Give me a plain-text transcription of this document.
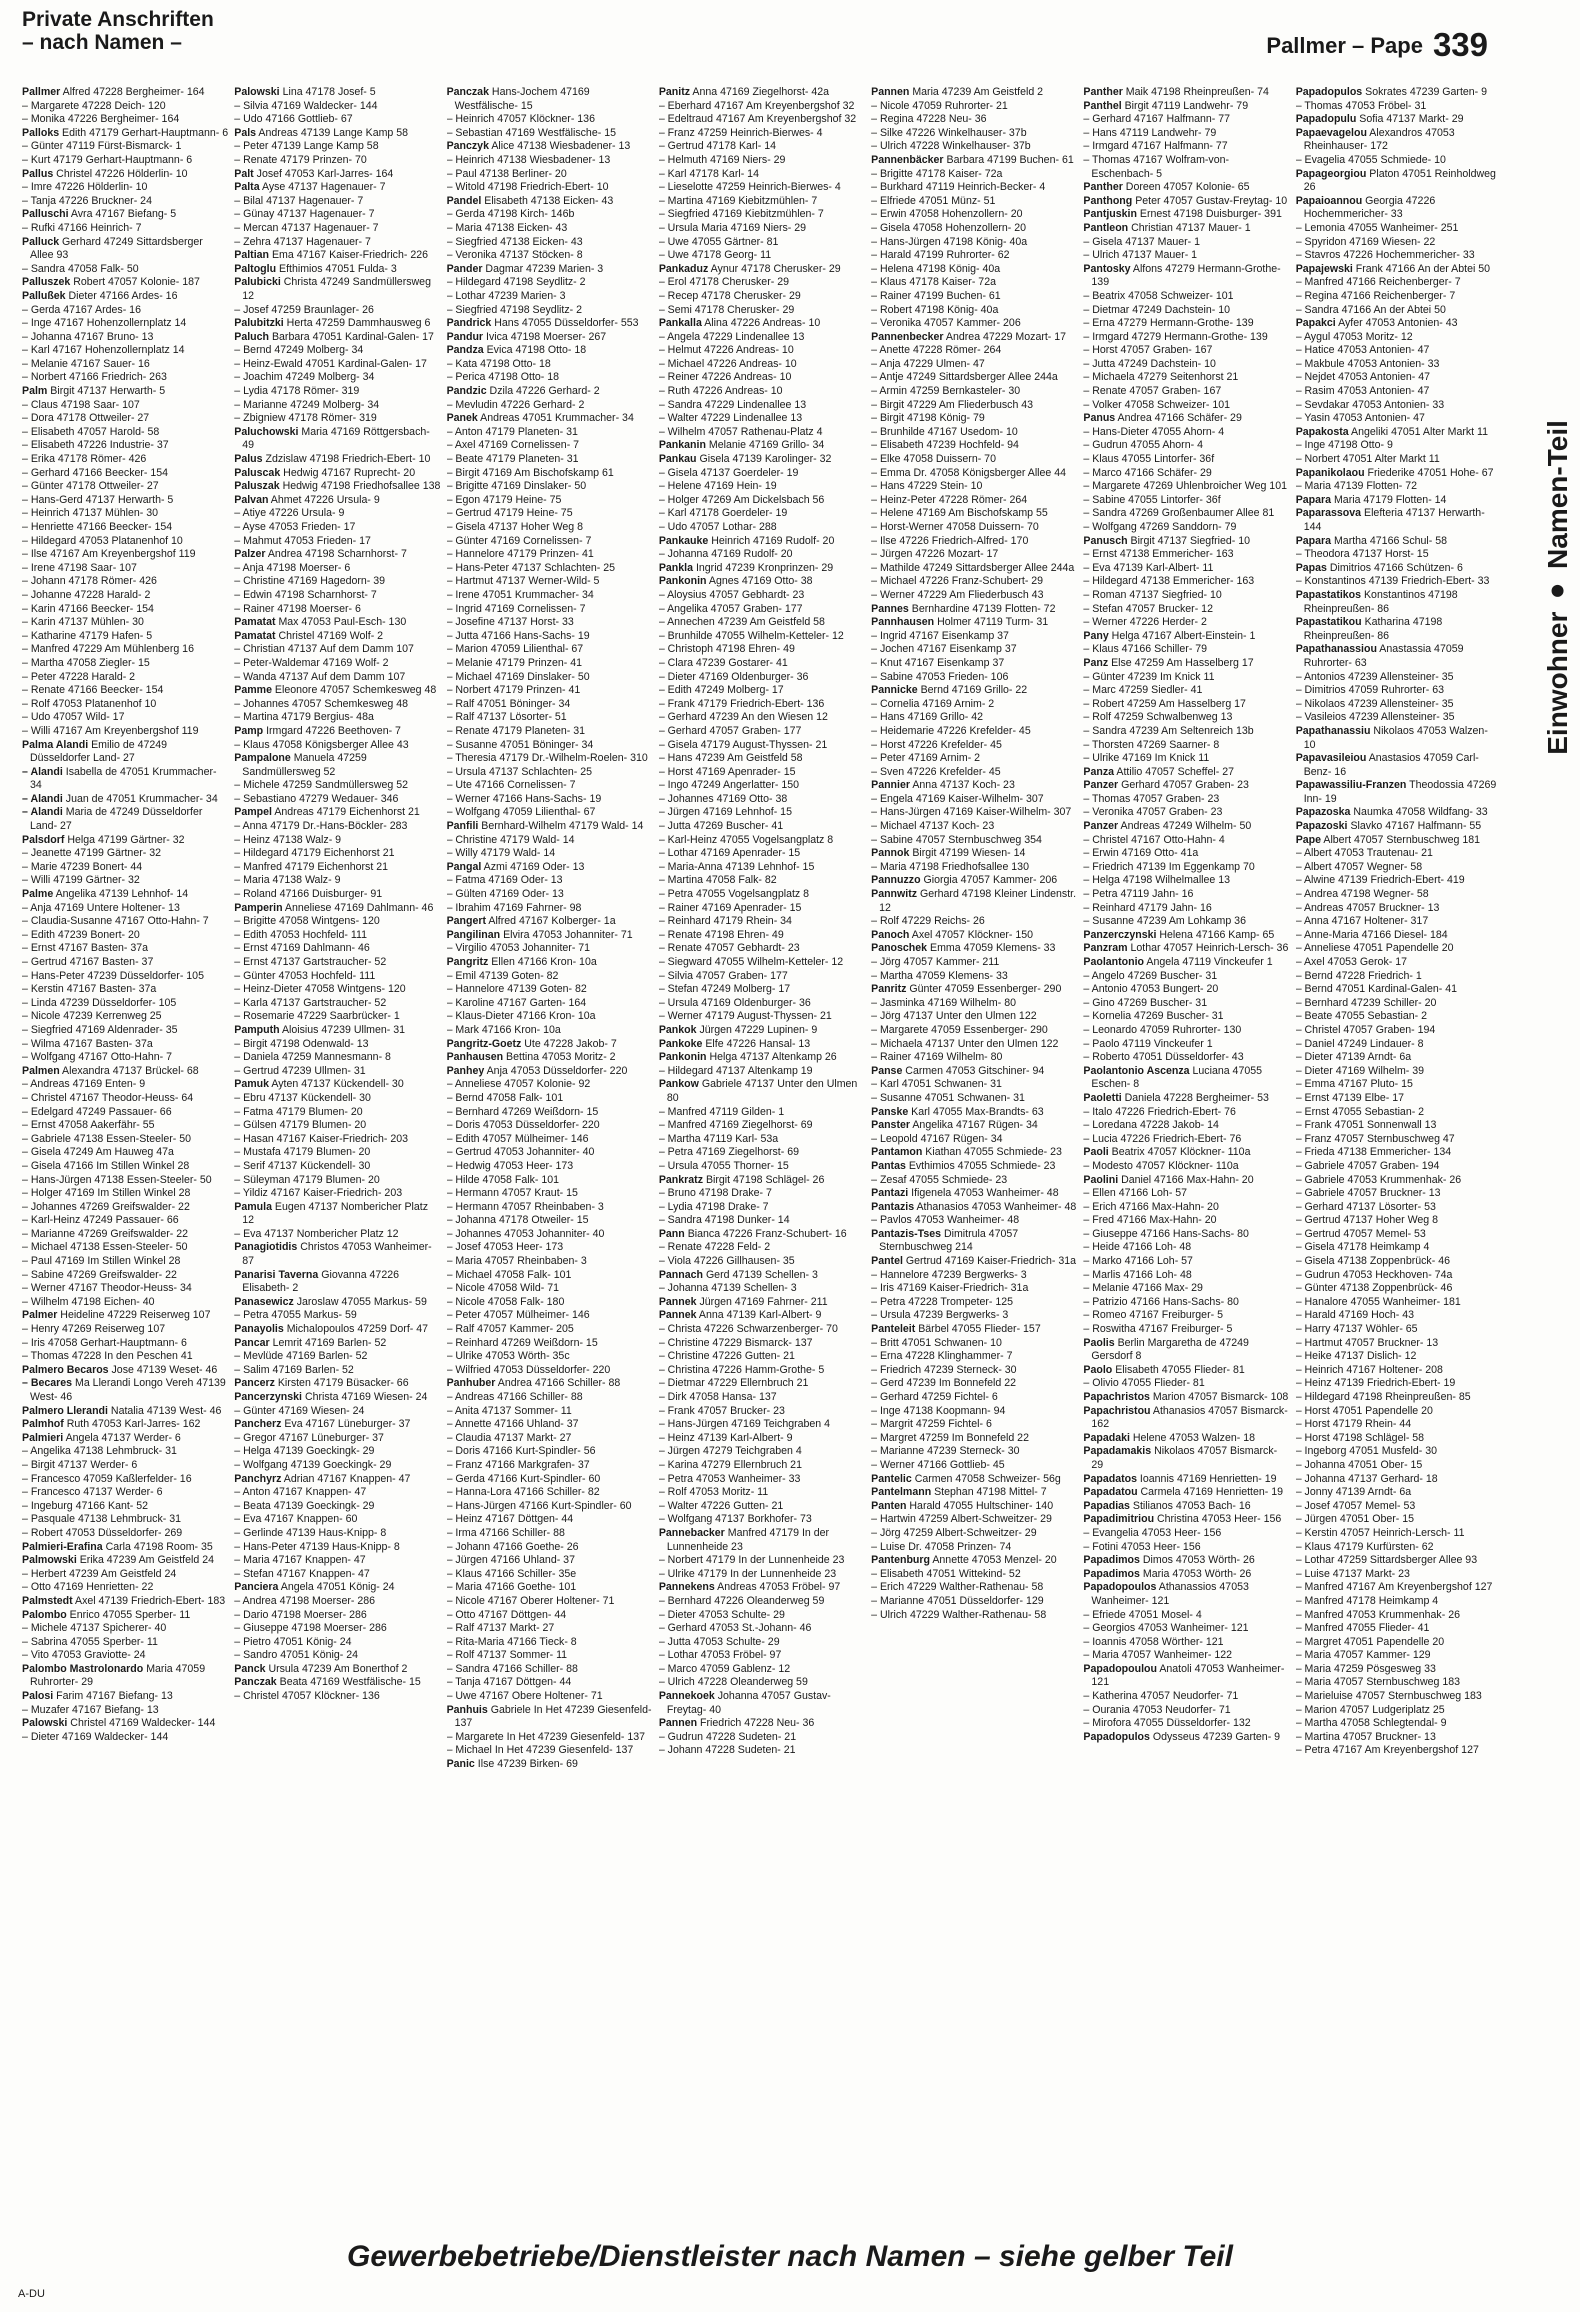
Private Anschriften
– nach Namen –	Pallmer – Pape 339
Einwohner
● Namen-Teil

Pallmer Alfred 47228 Bergheimer- 164

– Margarete 47228 Deich- 120

– Monika 47226 Bergheimer- 164

Palloks Edith 47179 Gerhart-Hauptmann- 6

– Günter 47119 Fürst-Bismarck- 1

– Kurt 47179 Gerhart-Hauptmann- 6

Pallus Christel 47226 Hölderlin- 10

– Imre 47226 Hölderlin- 10

– Tanja 47226 Bruckner- 24

Palluschi Avra 47167 Biefang- 5

– Rufki 47166 Heinrich- 7

Palluck Gerhard 47249 Sittardsberger Allee 93

– Sandra 47058 Falk- 50

Palluszek Robert 47057 Kolonie- 187

Pallußek Dieter 47166 Ardes- 16

– Gerda 47167 Ardes- 16

– Inge 47167 Hohenzollernplatz 14

– Johanna 47167 Bruno- 13

– Karl 47167 Hohenzollernplatz 14

– Melanie 47167 Sauer- 16

– Norbert 47166 Friedrich- 263

Palm Birgit 47137 Herwarth- 5

– Claus 47198 Saar- 107

– Dora 47178 Ottweiler- 27

– Elisabeth 47057 Harold- 58

– Elisabeth 47226 Industrie- 37

– Erika 47178 Römer- 426

– Gerhard 47166 Beecker- 154

– Günter 47178 Ottweiler- 27

– Hans-Gerd 47137 Herwarth- 5

– Heinrich 47137 Mühlen- 30

– Henriette 47166 Beecker- 154

– Hildegard 47053 Platanenhof 10

– Ilse 47167 Am Kreyenbergshof 119

– Irene 47198 Saar- 107

– Johann 47178 Römer- 426

– Johanne 47228 Harald- 2

– Karin 47166 Beecker- 154

– Karin 47137 Mühlen- 30

– Katharine 47179 Hafen- 5

– Manfred 47229 Am Mühlenberg 16

– Martha 47058 Ziegler- 15

– Peter 47228 Harald- 2

– Renate 47166 Beecker- 154

– Rolf 47053 Platanenhof 10

– Udo 47057 Wild- 17

– Willi 47167 Am Kreyenbergshof 119

Palma Alandi Emilio de 47249 Düsseldorfer Land- 27

– Alandi Isabella de 47051 Krummacher- 34

– Alandi Juan de 47051 Krummacher- 34

– Alandi Maria de 47249 Düsseldorfer Land- 27

Palsdorf Helga 47199 Gärtner- 32

– Jeanette 47199 Gärtner- 32

– Marie 47239 Bonert- 44

– Willi 47199 Gärtner- 32

Palme Angelika 47139 Lehnhof- 14

– Anja 47169 Untere Holtener- 13

– Claudia-Susanne 47167 Otto-Hahn- 7

– Edith 47239 Bonert- 20

– Ernst 47167 Basten- 37a

– Gertrud 47167 Basten- 37

– Hans-Peter 47239 Düsseldorfer- 105

– Kerstin 47167 Basten- 37a

– Linda 47239 Düsseldorfer- 105

– Nicole 47239 Kerrenweg 25

– Siegfried 47169 Aldenrader- 35

– Wilma 47167 Basten- 37a

– Wolfgang 47167 Otto-Hahn- 7

Palmen Alexandra 47137 Brückel- 68

– Andreas 47169 Enten- 9

– Christel 47167 Theodor-Heuss- 64

– Edelgard 47249 Passauer- 66

– Ernst 47058 Aakerfähr- 55

– Gabriele 47138 Essen-Steeler- 50

– Gisela 47249 Am Hauweg 47a

– Gisela 47166 Im Stillen Winkel 28

– Hans-Jürgen 47138 Essen-Steeler- 50

– Holger 47169 Im Stillen Winkel 28

– Johannes 47269 Greifswalder- 22

– Karl-Heinz 47249 Passauer- 66

– Marianne 47269 Greifswalder- 22

– Michael 47138 Essen-Steeler- 50

– Paul 47169 Im Stillen Winkel 28

– Sabine 47269 Greifswalder- 22

– Werner 47167 Theodor-Heuss- 34

– Wilhelm 47198 Eichen- 40

Palmer Heideline 47229 Reiserweg 107

– Henry 47269 Reiserweg 107

– Iris 47058 Gerhart-Hauptmann- 6

– Thomas 47228 In den Peschen 41

Palmero Becaros Jose 47139 Weset- 46

– Becares Ma Llerandi Longo Vereh 47139 West- 46

Palmero Llerandi Natalia 47139 West- 46

Palmhof Ruth 47053 Karl-Jarres- 162

Palmieri Angela 47137 Werder- 6

– Angelika 47138 Lehmbruck- 31

– Birgit 47137 Werder- 6

– Francesco 47059 Kaßlerfelder- 16

– Francesco 47137 Werder- 6

– Ingeburg 47166 Kant- 52

– Pasquale 47138 Lehmbruck- 31

– Robert 47053 Düsseldorfer- 269

Palmieri-Erafina Carla 47198 Room- 35

Palmowski Erika 47239 Am Geistfeld 24

– Herbert 47239 Am Geistfeld 24

– Otto 47169 Henrietten- 22

Palmstedt Axel 47139 Friedrich-Ebert- 183

Palombo Enrico 47055 Sperber- 11

– Michele 47137 Spicherer- 40

– Sabrina 47055 Sperber- 11

– Vito 47053 Graviotte- 24

Palombo Mastrolonardo Maria 47059 Ruhrorter- 29

Palosi Farim 47167 Biefang- 13

– Muzafer 47167 Biefang- 13

Palowski Christel 47169 Waldecker- 144

– Dieter 47169 Waldecker- 144

Palowski Lina 47178 Josef- 5

– Silvia 47169 Waldecker- 144

– Udo 47166 Gottlieb- 67

Pals Andreas 47139 Lange Kamp 58

– Peter 47139 Lange Kamp 58

– Renate 47179 Prinzen- 70

Palt Josef 47053 Karl-Jarres- 164

Palta Ayse 47137 Hagenauer- 7

– Bilal 47137 Hagenauer- 7

– Günay 47137 Hagenauer- 7

– Mercan 47137 Hagenauer- 7

– Zehra 47137 Hagenauer- 7

Paltian Ema 47167 Kaiser-Friedrich- 226

Paltoglu Efthimios 47051 Fulda- 3

Palubicki Christa 47249 Sandmüllersweg 12

– Josef 47259 Braunlager- 26

Palubitzki Herta 47259 Dammhausweg 6

Paluch Barbara 47051 Kardinal-Galen- 17

– Bernd 47249 Molberg- 34

– Heinz-Ewald 47051 Kardinal-Galen- 17

– Joachim 47249 Molberg- 34

– Lydia 47178 Römer- 319

– Marianne 47249 Molberg- 34

– Zbigniew 47178 Römer- 319

Paluchowski Maria 47169 Röttgersbach- 49

Palus Zdzislaw 47198 Friedrich-Ebert- 10

Paluscak Hedwig 47167 Ruprecht- 20

Paluszak Hedwig 47198 Friedhofsallee 138

Palvan Ahmet 47226 Ursula- 9

– Atiye 47226 Ursula- 9

– Ayse 47053 Frieden- 17

– Mahmut 47053 Frieden- 17

Palzer Andrea 47198 Scharnhorst- 7

– Anja 47198 Moerser- 6

– Christine 47169 Hagedorn- 39

– Edwin 47198 Scharnhorst- 7

– Rainer 47198 Moerser- 6

Pamatat Max 47053 Paul-Esch- 130

Pamatat Christel 47169 Wolf- 2

– Christian 47137 Auf dem Damm 107

– Peter-Waldemar 47169 Wolf- 2

– Wanda 47137 Auf dem Damm 107

Pamme Eleonore 47057 Schemkesweg 48

– Johannes 47057 Schemkesweg 48

– Martina 47179 Bergius- 48a

Pamp Irmgard 47226 Beethoven- 7

– Klaus 47058 Königsberger Allee 43

Pampalone Manuela 47259 Sandmüllersweg 52

– Michele 47259 Sandmüllersweg 52

– Sebastiano 47279 Wedauer- 346

Pampel Andreas 47179 Eichenhorst 21

– Anna 47179 Dr.-Hans-Böckler- 283

– Heinz 47138 Walz- 9

– Hildegard 47179 Eichenhorst 21

– Manfred 47179 Eichenhorst 21

– Maria 47138 Walz- 9

– Roland 47166 Duisburger- 91

Pamperin Anneliese 47169 Dahlmann- 46

– Brigitte 47058 Wintgens- 120

– Edith 47053 Hochfeld- 111

– Ernst 47169 Dahlmann- 46

– Ernst 47137 Gartstraucher- 52

– Günter 47053 Hochfeld- 111

– Heinz-Dieter 47058 Wintgens- 120

– Karla 47137 Gartstraucher- 52

– Rosemarie 47229 Saarbrücker- 1

Pamputh Aloisius 47239 Ullmen- 31

– Birgit 47198 Odenwald- 13

– Daniela 47259 Mannesmann- 8

– Gertrud 47239 Ullmen- 31

Pamuk Ayten 47137 Kückendell- 30

– Ebru 47137 Kückendell- 30

– Fatma 47179 Blumen- 20

– Gülsen 47179 Blumen- 20

– Hasan 47167 Kaiser-Friedrich- 203

– Mustafa 47179 Blumen- 20

– Serif 47137 Kückendell- 30

– Süleyman 47179 Blumen- 20

– Yildiz 47167 Kaiser-Friedrich- 203

Pamula Eugen 47137 Nombericher Platz 12

– Eva 47137 Nombericher Platz 12

Panagiotidis Christos 47053 Wanheimer- 87

Panarisi Taverna Giovanna 47226 Elisabeth- 2

Panasewicz Jaroslaw 47055 Markus- 59

– Petra 47055 Markus- 59

Panayolis Michalopoulos 47259 Dorf- 47

Pancar Lemrit 47169 Barlen- 52

– Mevlüde 47169 Barlen- 52

– Salim 47169 Barlen- 52

Pancerz Kirsten 47179 Büsacker- 66

Pancerzynski Christa 47169 Wiesen- 24

– Günter 47169 Wiesen- 24

Pancherz Eva 47167 Lüneburger- 37

– Gregor 47167 Lüneburger- 37

– Helga 47139 Goeckingk- 29

– Wolfgang 47139 Goeckingk- 29

Panchyrz Adrian 47167 Knappen- 47

– Anton 47167 Knappen- 47

– Beata 47139 Goeckingk- 29

– Eva 47167 Knappen- 60

– Gerlinde 47139 Haus-Knipp- 8

– Hans-Peter 47139 Haus-Knipp- 8

– Maria 47167 Knappen- 47

– Stefan 47167 Knappen- 47

Panciera Angela 47051 König- 24

– Andrea 47198 Moerser- 286

– Dario 47198 Moerser- 286

– Giuseppe 47198 Moerser- 286

– Pietro 47051 König- 24

– Sandro 47051 König- 24

Panck Ursula 47239 Am Bonerthof 2

Panczak Beata 47169 Westfälische- 15

– Christel 47057 Klöckner- 136

Panczak Hans-Jochem 47169 Westfälische- 15

– Heinrich 47057 Klöckner- 136

– Sebastian 47169 Westfälische- 15

Panczyk Alice 47138 Wiesbadener- 13

– Heinrich 47138 Wiesbadener- 13

– Paul 47138 Berliner- 20

– Witold 47198 Friedrich-Ebert- 10

Pandel Elisabeth 47138 Eicken- 43

– Gerda 47198 Kirch- 146b

– Maria 47138 Eicken- 43

– Siegfried 47138 Eicken- 43

– Veronika 47137 Stöcken- 8

Pander Dagmar 47239 Marien- 3

– Hildegard 47198 Seydlitz- 2

– Lothar 47239 Marien- 3

– Siegfried 47198 Seydlitz- 2

Pandrick Hans 47055 Düsseldorfer- 553

Pandur Ivica 47198 Moerser- 267

Pandza Evica 47198 Otto- 18

– Kata 47198 Otto- 18

– Perica 47198 Otto- 18

Pandzic Dzila 47226 Gerhard- 2

– Mevludin 47226 Gerhard- 2

Panek Andreas 47051 Krummacher- 34

– Anton 47179 Planeten- 31

– Axel 47169 Cornelissen- 7

– Beate 47179 Planeten- 31

– Birgit 47169 Am Bischofskamp 61

– Brigitte 47169 Dinslaker- 50

– Egon 47179 Heine- 75

– Gertrud 47179 Heine- 75

– Gisela 47137 Hoher Weg 8

– Günter 47169 Cornelissen- 7

– Hannelore 47179 Prinzen- 41

– Hans-Peter 47137 Schlachten- 25

– Hartmut 47137 Werner-Wild- 5

– Irene 47051 Krummacher- 34

– Ingrid 47169 Cornelissen- 7

– Josefine 47137 Horst- 33

– Jutta 47166 Hans-Sachs- 19

– Marion 47059 Lilienthal- 67

– Melanie 47179 Prinzen- 41

– Michael 47169 Dinslaker- 50

– Norbert 47179 Prinzen- 41

– Ralf 47051 Böninger- 34

– Ralf 47137 Lösorter- 51

– Renate 47179 Planeten- 31

– Susanne 47051 Böninger- 34

– Theresia 47179 Dr.-Wilhelm-Roelen- 310

– Ursula 47137 Schlachten- 25

– Ute 47166 Cornelissen- 7

– Werner 47166 Hans-Sachs- 19

– Wolfgang 47059 Lilienthal- 67

Panfili Bernhard-Wilhelm 47179 Wald- 14

– Christine 47179 Wald- 14

– Willy 47179 Wald- 14

Pangal Azmi 47169 Oder- 13

– Fatma 47169 Oder- 13

– Gülten 47169 Oder- 13

– Ibrahim 47169 Fahrner- 98

Pangert Alfred 47167 Kolberger- 1a

Pangilinan Elvira 47053 Johanniter- 71

– Virgilio 47053 Johanniter- 71

Pangritz Ellen 47166 Kron- 10a

– Emil 47139 Goten- 82

– Hannelore 47139 Goten- 82

– Karoline 47167 Garten- 164

– Klaus-Dieter 47166 Kron- 10a

– Mark 47166 Kron- 10a

Pangritz-Goetz Ute 47228 Jakob- 7

Panhausen Bettina 47053 Moritz- 2

Panhey Anja 47053 Düsseldorfer- 220

– Anneliese 47057 Kolonie- 92

– Bernd 47058 Falk- 101

– Bernhard 47269 Weißdorn- 15

– Doris 47053 Düsseldorfer- 220

– Edith 47057 Mülheimer- 146

– Gertrud 47053 Johanniter- 40

– Hedwig 47053 Heer- 173

– Hilde 47058 Falk- 101

– Hermann 47057 Kraut- 15

– Hermann 47057 Rheinbaben- 3

– Johanna 47178 Otweiler- 15

– Johannes 47053 Johanniter- 40

– Josef 47053 Heer- 173

– Maria 47057 Rheinbaben- 3

– Michael 47058 Falk- 101

– Nicole 47058 Wild- 71

– Nicole 47058 Falk- 180

– Peter 47057 Mülheimer- 146

– Ralf 47057 Kammer- 205

– Reinhard 47269 Weißdorn- 15

– Ulrike 47053 Wörth- 35c

– Wilfried 47053 Düsseldorfer- 220

Panhuber Andrea 47166 Schiller- 88

– Andreas 47166 Schiller- 88

– Anita 47137 Sommer- 11

– Annette 47166 Uhland- 37

– Claudia 47137 Markt- 27

– Doris 47166 Kurt-Spindler- 56

– Franz 47166 Markgrafen- 37

– Gerda 47166 Kurt-Spindler- 60

– Hanna-Lora 47166 Schiller- 82

– Hans-Jürgen 47166 Kurt-Spindler- 60

– Heinz 47167 Döttgen- 44

– Irma 47166 Schiller- 88

– Johann 47166 Goethe- 26

– Jürgen 47166 Uhland- 37

– Klaus 47166 Schiller- 35e

– Maria 47166 Goethe- 101

– Nicole 47167 Oberer Holtener- 71

– Otto 47167 Döttgen- 44

– Ralf 47137 Markt- 27

– Rita-Maria 47166 Tieck- 8

– Rolf 47137 Sommer- 11

– Sandra 47166 Schiller- 88

– Tanja 47167 Döttgen- 44

– Uwe 47167 Obere Holtener- 71

Panhuis Gabriele In Het 47239 Giesenfeld- 137

– Margarete In Het 47239 Giesenfeld- 137

– Michael In Het 47239 Giesenfeld- 137

Panic Ilse 47239 Birken- 69

Panitz Anna 47169 Ziegelhorst- 42a

– Eberhard 47167 Am Kreyenbergshof 32

– Edeltraud 47167 Am Kreyenbergshof 32

– Franz 47259 Heinrich-Bierwes- 4

– Gertrud 47178 Karl- 14

– Helmuth 47169 Niers- 29

– Karl 47178 Karl- 14

– Lieselotte 47259 Heinrich-Bierwes- 4

– Martina 47169 Kiebitzmühlen- 7

– Siegfried 47169 Kiebitzmühlen- 7

– Ursula Maria 47169 Niers- 29

– Uwe 47055 Gärtner- 81

– Uwe 47178 Georg- 11

Pankaduz Aynur 47178 Cherusker- 29

– Erol 47178 Cherusker- 29

– Recep 47178 Cherusker- 29

– Semi 47178 Cherusker- 29

Pankalla Alina 47226 Andreas- 10

– Angela 47229 Lindenallee 13

– Helmut 47226 Andreas- 10

– Michael 47226 Andreas- 10

– Reiner 47226 Andreas- 10

– Ruth 47226 Andreas- 10

– Sandra 47229 Lindenallee 13

– Walter 47229 Lindenallee 13

– Wilhelm 47057 Rathenau-Platz 4

Pankanin Melanie 47169 Grillo- 34

Pankau Gisela 47139 Karolinger- 32

– Gisela 47137 Goerdeler- 19

– Helene 47169 Hein- 19

– Holger 47269 Am Dickelsbach 56

– Karl 47178 Goerdeler- 19

– Udo 47057 Lothar- 288

Pankauke Heinrich 47169 Rudolf- 20

– Johanna 47169 Rudolf- 20

Pankla Ingrid 47239 Kronprinzen- 29

Pankonin Agnes 47169 Otto- 38

– Aloysius 47057 Gebhardt- 23

– Angelika 47057 Graben- 177

– Annechen 47239 Am Geistfeld 58

– Brunhilde 47055 Wilhelm-Ketteler- 12

– Christoph 47198 Ehren- 49

– Clara 47239 Gostarer- 41

– Dieter 47169 Oldenburger- 36

– Edith 47249 Molberg- 17

– Frank 47179 Friedrich-Ebert- 136

– Gerhard 47239 An den Wiesen 12

– Gerhard 47057 Graben- 177

– Gisela 47179 August-Thyssen- 21

– Hans 47239 Am Geistfeld 58

– Horst 47169 Apenrader- 15

– Ingo 47249 Angerlatter- 150

– Johannes 47169 Otto- 38

– Jürgen 47169 Lehnhof- 15

– Jutta 47269 Buscher- 41

– Karl-Heinz 47055 Vogelsangplatz 8

– Lothar 47169 Apenrader- 15

– Maria-Anna 47139 Lehnhof- 15

– Martina 47058 Falk- 82

– Petra 47055 Vogelsangplatz 8

– Rainer 47169 Apenrader- 15

– Reinhard 47179 Rhein- 34

– Renate 47198 Ehren- 49

– Renate 47057 Gebhardt- 23

– Siegward 47055 Wilhelm-Ketteler- 12

– Silvia 47057 Graben- 177

– Stefan 47249 Molberg- 17

– Ursula 47169 Oldenburger- 36

– Werner 47179 August-Thyssen- 21

Pankok Jürgen 47229 Lupinen- 9

Pankoke Elfe 47226 Hansal- 13

Pankonin Helga 47137 Altenkamp 26

– Hildegard 47137 Altenkamp 19

Pankow Gabriele 47137 Unter den Ulmen 80

– Manfred 47119 Gilden- 1

– Manfred 47169 Ziegelhorst- 69

– Martha 47119 Karl- 53a

– Petra 47169 Ziegelhorst- 69

– Ursula 47055 Thorner- 15

Pankratz Birgit 47198 Schlägel- 26

– Bruno 47198 Drake- 7

– Lydia 47198 Drake- 7

– Sandra 47198 Dunker- 14

Pann Bianca 47226 Franz-Schubert- 16

– Renate 47228 Feld- 2

– Viola 47226 Gillhausen- 35

Pannach Gerd 47139 Schellen- 3

– Johanna 47139 Schellen- 3

Pannek Jürgen 47169 Fahrner- 211

Pannek Anna 47139 Karl-Albert- 9

– Christa 47226 Schwarzenberger- 70

– Christine 47229 Bismarck- 137

– Christine 47226 Gutten- 21

– Christina 47226 Hamm-Grothe- 5

– Dietmar 47229 Ellernbruch 21

– Dirk 47058 Hansa- 137

– Frank 47057 Brucker- 23

– Hans-Jürgen 47169 Teichgraben 4

– Heinz 47139 Karl-Albert- 9

– Jürgen 47279 Teichgraben 4

– Karina 47279 Ellernbruch 21

– Petra 47053 Wanheimer- 33

– Rolf 47053 Moritz- 11

– Walter 47226 Gutten- 21

– Wolfgang 47137 Borkhofer- 73

Pannebacker Manfred 47179 In der Lunnenheide 23

– Norbert 47179 In der Lunnenheide 23

– Ulrike 47179 In der Lunnenheide 23

Pannekens Andreas 47053 Fröbel- 97

– Bernhard 47226 Oleanderweg 59

– Dieter 47053 Schulte- 29

– Gerhard 47053 St.-Johann- 46

– Jutta 47053 Schulte- 29

– Lothar 47053 Fröbel- 97

– Marco 47059 Gablenz- 12

– Ulrich 47228 Oleanderweg 59

Pannekoek Johanna 47057 Gustav-Freytag- 40

Pannen Friedrich 47228 Neu- 36

– Gudrun 47228 Sudeten- 21

– Johann 47228 Sudeten- 21

Pannen Maria 47239 Am Geistfeld 2

– Nicole 47059 Ruhrorter- 21

– Regina 47228 Neu- 36

– Silke 47226 Winkelhauser- 37b

– Ulrich 47228 Winkelhauser- 37b

Pannenbäcker Barbara 47199 Buchen- 61

– Brigitte 47178 Kaiser- 72a

– Burkhard 47119 Heinrich-Becker- 4

– Elfriede 47051 Münz- 51

– Erwin 47058 Hohenzollern- 20

– Gisela 47058 Hohenzollern- 20

– Hans-Jürgen 47198 König- 40a

– Harald 47199 Ruhrorter- 62

– Helena 47198 König- 40a

– Klaus 47178 Kaiser- 72a

– Rainer 47199 Buchen- 61

– Robert 47198 König- 40a

– Veronika 47057 Kammer- 206

Pannenbecker Andrea 47229 Mozart- 17

– Anette 47228 Römer- 264

– Anja 47229 Ulmen- 47

– Antje 47249 Sittardsberger Allee 244a

– Armin 47259 Bernkasteler- 30

– Birgit 47229 Am Fliederbusch 43

– Birgit 47198 König- 79

– Brunhilde 47167 Usedom- 10

– Elisabeth 47239 Hochfeld- 94

– Elke 47058 Duissern- 70

– Emma Dr. 47058 Königsberger Allee 44

– Hans 47229 Stein- 10

– Heinz-Peter 47228 Römer- 264

– Helene 47169 Am Bischofskamp 55

– Horst-Werner 47058 Duissern- 70

– Ilse 47226 Friedrich-Alfred- 170

– Jürgen 47226 Mozart- 17

– Mathilde 47249 Sittardsberger Allee 244a

– Michael 47226 Franz-Schubert- 29

– Werner 47229 Am Fliederbusch 43

Pannes Bernhardine 47139 Flotten- 72

Pannhausen Holmer 47119 Turm- 31

– Ingrid 47167 Eisenkamp 37

– Jochen 47167 Eisenkamp 37

– Knut 47167 Eisenkamp 37

– Sabine 47053 Frieden- 106

Pannicke Bernd 47169 Grillo- 22

– Cornelia 47169 Arnim- 2

– Hans 47169 Grillo- 42

– Heidemarie 47226 Krefelder- 45

– Horst 47226 Krefelder- 45

– Peter 47169 Arnim- 2

– Sven 47226 Krefelder- 45

Pannier Anna 47137 Koch- 23

– Engela 47169 Kaiser-Wilhelm- 307

– Hans-Jürgen 47169 Kaiser-Wilhelm- 307

– Michael 47137 Koch- 23

– Sabine 47057 Sternbuschweg 354

Pannok Birgit 47199 Wiesen- 14

– Maria 47198 Friedhofsallee 130

Pannuzzo Giorgia 47057 Kammer- 206

Pannwitz Gerhard 47198 Kleiner Lindenstr. 12

– Rolf 47229 Reichs- 26

Panoch Axel 47057 Klöckner- 150

Panoschek Emma 47059 Klemens- 33

– Jörg 47057 Kammer- 211

– Martha 47059 Klemens- 33

Panritz Günter 47059 Essenberger- 290

– Jasminka 47169 Wilhelm- 80

– Jörg 47137 Unter den Ulmen 122

– Margarete 47059 Essenberger- 290

– Michaela 47137 Unter den Ulmen 122

– Rainer 47169 Wilhelm- 80

Panse Carmen 47053 Gitschiner- 94

– Karl 47051 Schwanen- 31

– Susanne 47051 Schwanen- 31

Panske Karl 47055 Max-Brandts- 63

Panster Angelika 47167 Rügen- 34

– Leopold 47167 Rügen- 34

Pantamon Kiathan 47055 Schmiede- 23

Pantas Evthimios 47055 Schmiede- 23

– Zesaf 47055 Schmiede- 23

Pantazi Ifigenela 47053 Wanheimer- 48

Pantazis Athanasios 47053 Wanheimer- 48

– Pavlos 47053 Wanheimer- 48

Pantazis-Tses Dimitrula 47057 Sternbuschweg 214

Pantel Gertrud 47169 Kaiser-Friedrich- 31a

– Hannelore 47239 Bergwerks- 3

– Iris 47169 Kaiser-Friedrich- 31a

– Petra 47228 Trompeter- 125

– Ursula 47239 Bergwerks- 3

Panteleit Bärbel 47055 Flieder- 157

– Britt 47051 Schwanen- 10

– Erna 47228 Klinghammer- 7

– Friedrich 47239 Sterneck- 30

– Gerd 47239 Im Bonnefeld 22

– Gerhard 47259 Fichtel- 6

– Inge 47138 Koopmann- 94

– Margrit 47259 Fichtel- 6

– Margret 47259 Im Bonnefeld 22

– Marianne 47239 Sterneck- 30

– Werner 47166 Gottlieb- 45

Pantelic Carmen 47058 Schweizer- 56g

Pantelmann Stephan 47198 Mittel- 7

Panten Harald 47055 Hultschiner- 140

– Hartwin 47259 Albert-Schweitzer- 29

– Jörg 47259 Albert-Schweitzer- 29

– Luise Dr. 47058 Prinzen- 74

Pantenburg Annette 47053 Menzel- 20

– Elisabeth 47051 Wittekind- 52

– Erich 47229 Walther-Rathenau- 58

– Marianne 47051 Düsseldorfer- 129

– Ulrich 47229 Walther-Rathenau- 58

Panther Maik 47198 Rheinpreußen- 74

Panthel Birgit 47119 Landwehr- 79

– Gerhard 47167 Halfmann- 77

– Hans 47119 Landwehr- 79

– Irmgard 47167 Halfmann- 77

– Thomas 47167 Wolfram-von-Eschenbach- 5

Panther Doreen 47057 Kolonie- 65

Panthong Peter 47057 Gustav-Freytag- 10

Pantjuskin Ernest 47198 Duisburger- 391

Pantleon Christian 47137 Mauer- 1

– Gisela 47137 Mauer- 1

– Ulrich 47137 Mauer- 1

Pantosky Alfons 47279 Hermann-Grothe- 139

– Beatrix 47058 Schweizer- 101

– Dietmar 47249 Dachstein- 10

– Erna 47279 Hermann-Grothe- 139

– Irmgard 47279 Hermann-Grothe- 139

– Horst 47057 Graben- 167

– Jutta 47249 Dachstein- 10

– Michaela 47279 Seitenhorst 21

– Renate 47057 Graben- 167

– Volker 47058 Schweizer- 101

Panus Andrea 47166 Schäfer- 29

– Hans-Dieter 47055 Ahorn- 4

– Gudrun 47055 Ahorn- 4

– Klaus 47055 Lintorfer- 36f

– Marco 47166 Schäfer- 29

– Margarete 47269 Uhlenbroicher Weg 101

– Sabine 47055 Lintorfer- 36f

– Sandra 47269 Großenbaumer Allee 81

– Wolfgang 47269 Sanddorn- 79

Panusch Birgit 47137 Siegfried- 10

– Ernst 47138 Emmericher- 163

– Eva 47139 Karl-Albert- 11

– Hildegard 47138 Emmericher- 163

– Roman 47137 Siegfried- 10

– Stefan 47057 Brucker- 12

– Werner 47226 Herder- 2

Pany Helga 47167 Albert-Einstein- 1

– Klaus 47166 Schiller- 79

Panz Else 47259 Am Hasselberg 17

– Günter 47239 Im Knick 11

– Marc 47259 Siedler- 41

– Robert 47259 Am Hasselberg 17

– Rolf 47259 Schwalbenweg 13

– Sandra 47239 Am Seltenreich 13b

– Thorsten 47269 Saarner- 8

– Ulrike 47169 Im Knick 11

Panza Attilio 47057 Scheffel- 27

Panzer Gerhard 47057 Graben- 23

– Thomas 47057 Graben- 23

– Veronika 47057 Graben- 23

Panzer Andreas 47249 Wilhelm- 50

– Christel 47167 Otto-Hahn- 4

– Erwin 47169 Otto- 41a

– Friedrich 47139 Im Eggenkamp 70

– Helga 47198 Wilhelmallee 13

– Petra 47119 Jahn- 16

– Reinhard 47179 Jahn- 16

– Susanne 47239 Am Lohkamp 36

Panzerczynski Helena 47166 Kamp- 65

Panzram Lothar 47057 Heinrich-Lersch- 36

Paolantonio Angela 47119 Vinckeufer 1

– Angelo 47269 Buscher- 31

– Antonio 47053 Bungert- 20

– Gino 47269 Buscher- 31

– Kornelia 47269 Buscher- 31

– Leonardo 47059 Ruhrorter- 130

– Paolo 47119 Vinckeufer 1

– Roberto 47051 Düsseldorfer- 43

Paolantonio Ascenza Luciana 47055 Eschen- 8

Paoletti Daniela 47228 Bergheimer- 53

– Italo 47226 Friedrich-Ebert- 76

– Loredana 47228 Jakob- 14

– Lucia 47226 Friedrich-Ebert- 76

Paoli Beatrix 47057 Klöckner- 110a

– Modesto 47057 Klöckner- 110a

Paolini Daniel 47166 Max-Hahn- 20

– Ellen 47166 Loh- 57

– Erich 47166 Max-Hahn- 20

– Fred 47166 Max-Hahn- 20

– Giuseppe 47166 Hans-Sachs- 80

– Heide 47166 Loh- 48

– Marko 47166 Loh- 57

– Marlis 47166 Loh- 48

– Melanie 47166 Max- 29

– Patrizio 47166 Hans-Sachs- 80

– Romeo 47167 Freiburger- 5

– Roswitha 47167 Freiburger- 5

Paolis Berlin Margaretha de 47249 Gersdorf 8

Paolo Elisabeth 47055 Flieder- 81

– Olivio 47055 Flieder- 81

Papachristos Marion 47057 Bismarck- 108

Papachristou Athanasios 47057 Bismarck- 162

Papadaki Helene 47053 Walzen- 18

Papadamakis Nikolaos 47057 Bismarck- 29

Papadatos Ioannis 47169 Henrietten- 19

Papadatou Carmela 47169 Henrietten- 19

Papadias Stilianos 47053 Bach- 16

Papadimitriou Christina 47053 Heer- 156

– Evangelia 47053 Heer- 156

– Fotini 47053 Heer- 156

Papadimos Dimos 47053 Wörth- 26

Papadimos Maria 47053 Wörth- 26

Papadopoulos Athanassios 47053 Wanheimer- 121

– Efriede 47051 Mosel- 4

– Georgios 47053 Wanheimer- 121

– Ioannis 47058 Wörther- 121

– Maria 47057 Wanheimer- 122

Papadopoulou Anatoli 47053 Wanheimer- 121

– Katherina 47057 Neudorfer- 71

– Ourania 47053 Neudorfer- 71

– Mirofora 47055 Düsseldorfer- 132

Papadopulos Odysseus 47239 Garten- 9

Papadopulos Sokrates 47239 Garten- 9

– Thomas 47053 Fröbel- 31

Papadopulu Sofia 47137 Markt- 29

Papaevagelou Alexandros 47053 Rheinhauser- 172

– Evagelia 47055 Schmiede- 10

Papageorgiou Platon 47051 Reinholdweg 26

Papaioannou Georgia 47226 Hochemmericher- 33

– Lemonia 47055 Wanheimer- 251

– Spyridon 47169 Wiesen- 22

– Stavros 47226 Hochemmericher- 33

Papajewski Frank 47166 An der Abtei 50

– Manfred 47166 Reichenberger- 7

– Regina 47166 Reichenberger- 7

– Sandra 47166 An der Abtei 50

Papakci Ayfer 47053 Antonien- 43

– Aygul 47053 Moritz- 12

– Hatice 47053 Antonien- 47

– Makbule 47053 Antonien- 33

– Nejdet 47053 Antonien- 47

– Rasim 47053 Antonien- 47

– Sevdakar 47053 Antonien- 33

– Yasin 47053 Antonien- 47

Papakosta Angeliki 47051 Alter Markt 11

– Inge 47198 Otto- 9

– Norbert 47051 Alter Markt 11

Papanikolaou Friederike 47051 Hohe- 67

– Maria 47139 Flotten- 72

Papara Maria 47179 Flotten- 14

Paparassova Elefteria 47137 Herwarth- 144

Papara Martha 47166 Schul- 58

– Theodora 47137 Horst- 15

Papas Dimitrios 47166 Schützen- 6

– Konstantinos 47139 Friedrich-Ebert- 33

Papastatikos Konstantinos 47198 Rheinpreußen- 86

Papastatikou Katharina 47198 Rheinpreußen- 86

Papathanassiou Anastassia 47059 Ruhrorter- 63

– Antonios 47239 Allensteiner- 35

– Dimitrios 47059 Ruhrorter- 63

– Nikolaos 47239 Allensteiner- 35

– Vasileios 47239 Allensteiner- 35

Papathanassiu Nikolaos 47053 Walzen- 10

Papavasileiou Anastasios 47059 Carl-Benz- 16

Papawassiliu-Franzen Theodossia 47269 Inn- 19

Papazoska Naumka 47058 Wildfang- 33

Papazoski Slavko 47167 Halfmann- 55

Pape Albert 47057 Sternbuschweg 181

– Albert 47053 Trautenau- 21

– Albert 47057 Wegner- 58

– Alwine 47139 Friedrich-Ebert- 419

– Andrea 47198 Wegner- 58

– Andreas 47057 Bruckner- 13

– Anna 47167 Holtener- 317

– Anne-Maria 47166 Diesel- 184

– Anneliese 47051 Papendelle 20

– Axel 47053 Gerok- 17

– Bernd 47228 Friedrich- 1

– Bernd 47051 Kardinal-Galen- 41

– Bernhard 47239 Schiller- 20

– Beate 47055 Sebastian- 2

– Christel 47057 Graben- 194

– Daniel 47249 Lindauer- 8

– Dieter 47139 Arndt- 6a

– Dieter 47169 Wilhelm- 39

– Emma 47167 Pluto- 15

– Ernst 47139 Elbe- 17

– Ernst 47055 Sebastian- 2

– Frank 47051 Sonnenwall 13

– Franz 47057 Sternbuschweg 47

– Frieda 47138 Emmericher- 134

– Gabriele 47057 Graben- 194

– Gabriele 47053 Krummenhak- 26

– Gabriele 47057 Bruckner- 13

– Gerhard 47137 Lösorter- 53

– Gertrud 47137 Hoher Weg 8

– Gertrud 47057 Memel- 53

– Gisela 47178 Heimkamp 4

– Gisela 47138 Zoppenbrück- 46

– Gudrun 47053 Heckhoven- 74a

– Günter 47138 Zoppenbrück- 46

– Hanalore 47055 Wanheimer- 181

– Harald 47169 Hoch- 43

– Harry 47137 Wöhler- 65

– Hartmut 47057 Bruckner- 13

– Heike 47137 Dislich- 12

– Heinrich 47167 Holtener- 208

– Heinz 47139 Friedrich-Ebert- 19

– Hildegard 47198 Rheinpreußen- 85

– Horst 47051 Papendelle 20

– Horst 47179 Rhein- 44

– Horst 47198 Schlägel- 58

– Ingeborg 47051 Musfeld- 30

– Johanna 47051 Ober- 15

– Johanna 47137 Gerhard- 18

– Jonny 47139 Arndt- 6a

– Josef 47057 Memel- 53

– Jürgen 47051 Ober- 15

– Kerstin 47057 Heinrich-Lersch- 11

– Klaus 47179 Kurfürsten- 62

– Lothar 47259 Sittardsberger Allee 93

– Luise 47137 Markt- 23

– Manfred 47167 Am Kreyenbergshof 127

– Manfred 47178 Heimkamp 4

– Manfred 47053 Krummenhak- 26

– Manfred 47055 Flieder- 41

– Margret 47051 Papendelle 20

– Maria 47057 Kammer- 129

– Maria 47259 Pösgesweg 33

– Maria 47057 Sternbuschweg 183

– Marieluise 47057 Sternbuschweg 183

– Marion 47057 Ludgeriplatz 25

– Martha 47058 Schlegtendal- 9

– Martina 47057 Bruckner- 13

– Petra 47167 Am Kreyenbergshof 127

Gewerbebetriebe/Dienstleister nach Namen – siehe gelber Teil
A-DU
